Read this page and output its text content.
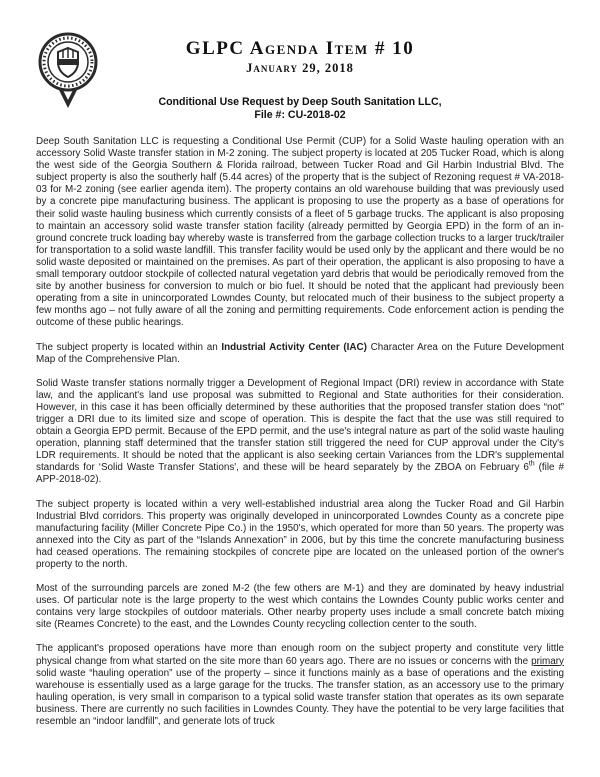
GLPC Agenda Item # 10
January 29, 2018
Conditional Use Request by Deep South Sanitation LLC,
File #: CU-2018-02

Deep South Sanitation LLC is requesting a Conditional Use Permit (CUP) for a Solid Waste hauling operation with an accessory Solid Waste transfer station in M-2 zoning. The subject property is located at 205 Tucker Road, which is along the west side of the Georgia Southern & Florida railroad, between Tucker Road and Gil Harbin Industrial Blvd. The subject property is also the southerly half (5.44 acres) of the property that is the subject of Rezoning request # VA-2018-03 for M-2 zoning (see earlier agenda item). The property contains an old warehouse building that was previously used by a concrete pipe manufacturing business. The applicant is proposing to use the property as a base of operations for their solid waste hauling business which currently consists of a fleet of 5 garbage trucks. The applicant is also proposing to maintain an accessory solid waste transfer station facility (already permitted by Georgia EPD) in the form of an in-ground concrete truck loading bay whereby waste is transferred from the garbage collection trucks to a larger truck/trailer for transportation to a solid waste landfill. This transfer facility would be used only by the applicant and there would be no solid waste deposited or maintained on the premises. As part of their operation, the applicant is also proposing to have a small temporary outdoor stockpile of collected natural vegetation yard debris that would be periodically removed from the site by another business for conversion to mulch or bio fuel. It should be noted that the applicant had previously been operating from a site in unincorporated Lowndes County, but relocated much of their business to the subject property a few months ago – not fully aware of all the zoning and permitting requirements. Code enforcement action is pending the outcome of these public hearings.

The subject property is located within an Industrial Activity Center (IAC) Character Area on the Future Development Map of the Comprehensive Plan.

Solid Waste transfer stations normally trigger a Development of Regional Impact (DRI) review in accordance with State law, and the applicant's land use proposal was submitted to Regional and State authorities for their consideration. However, in this case it has been officially determined by these authorities that the proposed transfer station does “not” trigger a DRI due to its limited size and scope of operation. This is despite the fact that the use was still required to obtain a Georgia EPD permit. Because of the EPD permit, and the use's integral nature as part of the solid waste hauling operation, planning staff determined that the transfer station still triggered the need for CUP approval under the City's LDR requirements. It should be noted that the applicant is also seeking certain Variances from the LDR's supplemental standards for ‘Solid Waste Transfer Stations', and these will be heard separately by the ZBOA on February 6th (file # APP-2018-02).

The subject property is located within a very well-established industrial area along the Tucker Road and Gil Harbin Industrial Blvd corridors. This property was originally developed in unincorporated Lowndes County as a concrete pipe manufacturing facility (Miller Concrete Pipe Co.) in the 1950's, which operated for more than 50 years. The property was annexed into the City as part of the “Islands Annexation” in 2006, but by this time the concrete manufacturing business had ceased operations. The remaining stockpiles of concrete pipe are located on the unleased portion of the owner's property to the north.

Most of the surrounding parcels are zoned M-2 (the few others are M-1) and they are dominated by heavy industrial uses. Of particular note is the large property to the west which contains the Lowndes County public works center and contains very large stockpiles of outdoor materials. Other nearby property uses include a small concrete batch mixing site (Reames Concrete) to the east, and the Lowndes County recycling collection center to the south.

The applicant's proposed operations have more than enough room on the subject property and constitute very little physical change from what started on the site more than 60 years ago. There are no issues or concerns with the primary solid waste “hauling operation” use of the property – since it functions mainly as a base of operations and the existing warehouse is essentially used as a large garage for the trucks. The transfer station, as an accessory use to the primary hauling operation, is very small in comparison to a typical solid waste transfer station that operates as its own separate business. There are currently no such facilities in Lowndes County. They have the potential to be very large facilities that resemble an “indoor landfill”, and generate lots of truck
